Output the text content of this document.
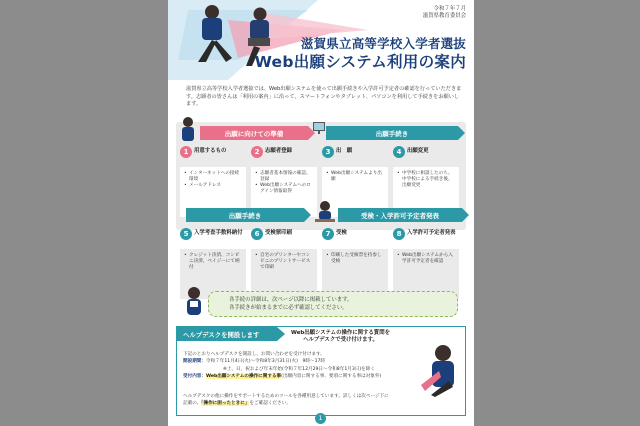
令和７年７月
滋賀県教育委員会
滋賀県立高等学校入学者選抜
Web出願システム利用の案内
滋賀県立高等学校入学者選抜では、Web出願システムを使って出願手続きや入学許可予定者の確認を行っていただきます。志願者の皆さんは「利用の案内」に沿って、スマートフォンやタブレット、パソコンを利用して手続きをお願いします。
出願に向けての準備	出願手続き
1	用意するもの
• インターネットへの接続環境
• メールアドレス
2	志願者登録
• 志願者基本情報の確認、登録
• Web出願システムへのログイン情報取得
3	出　願
• Web出願システムより出願
4	出願変更
• 中学校に相談したのち、中学校による手続き後、出願変更
出願手続き	受検・入学許可予定者発表
5	入学考査手数料納付
• クレジット決済、コンビニ決済、ペイジーにて納付
6	受検票印刷
• 自宅のプリンターやコンビニのプリントサービスで印刷
7	受検
• 印刷した受検票を持参し受検
8	入学許可予定者発表
• Web出願システムから入学許可予定者を確認
各手続の詳細は、次ページ以降に掲載しています。
各手続きが始まるまでに必ず確認してください。
ヘルプデスクを開設します	Web出願システムの操作に関する質問を
ヘルプデスクで受け付けます。
下記のとおりヘルプデスクを開設し、お問い合わせを受け付けます。
開設期間：令和７年11月4日(火)～令和8年3月31日(火)　9時～17時
※土、日、祝および年末年始(令和７年12月29日～令和8年1月3日)を除く
受付内容：Web出願システムの操作に関する事(出願内容に関する事、要項に関する事は対象外)
ヘルプデスクの他に操作をサポートするためのツールを各種用意しています。詳しくは次ページ下に
記載の、「操作に困ったときに」をご確認ください。
1
